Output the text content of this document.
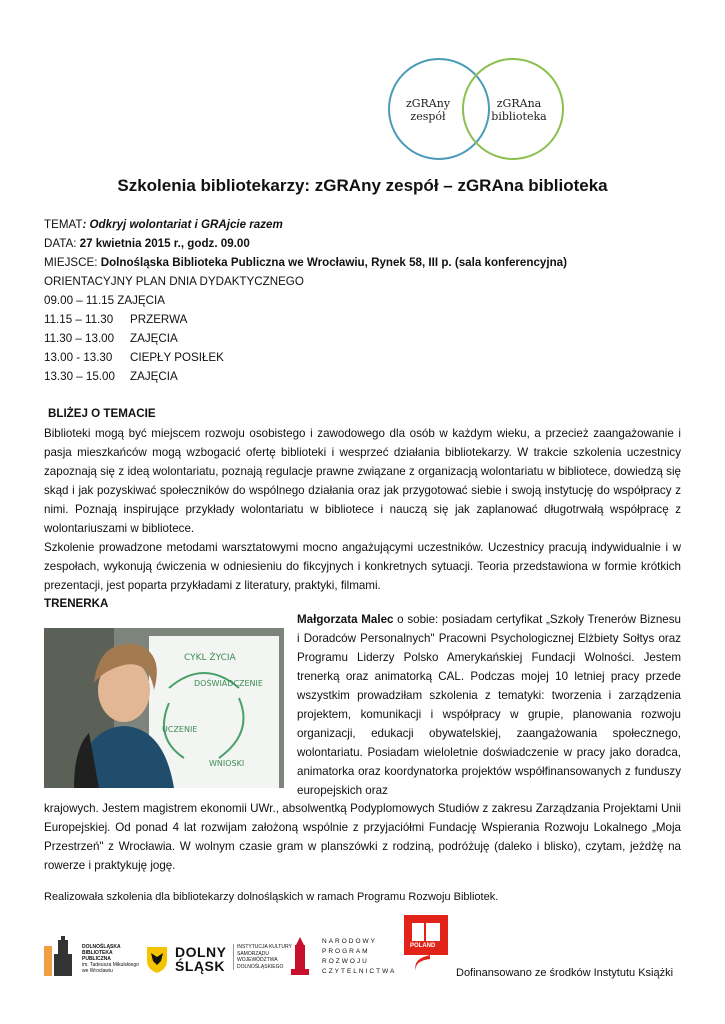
zGRAny
zespół
zGRAna
biblioteka
Szkolenia bibliotekarzy: zGRAny zespół – zGRAna biblioteka
TEMAT: Odkryj wolontariat i GRAjcie razem
DATA: 27 kwietnia 2015 r., godz. 09.00
MIEJSCE: Dolnośląska Biblioteka Publiczna we Wrocławiu, Rynek 58, III p. (sala konferencyjna)
ORIENTACYJNY PLAN DNIA DYDAKTYCZNEGO
09.00 – 11.15 ZAJĘCIA
11.15 – 11.30 PRZERWA
11.30 – 13.00 ZAJĘCIA
13.00 - 13.30 CIEPŁY POSIŁEK
13.30 – 15.00 ZAJĘCIA
BLIŻEJ O TEMACIE
Biblioteki mogą być miejscem rozwoju osobistego i zawodowego dla osób w każdym wieku, a przecież zaangażowanie i pasja mieszkańców mogą wzbogacić ofertę biblioteki i wesprzeć działania bibliotekarzy. W trakcie szkolenia uczestnicy zapoznają się z ideą wolontariatu, poznają regulacje prawne związane z organizacją wolontariatu w bibliotece, dowiedzą się skąd i jak pozyskiwać społeczników do wspólnego działania oraz jak przygotować siebie i swoją instytucję do współpracy z nimi. Poznają inspirujące przykłady wolontariatu w bibliotece i nauczą się jak zaplanować długotrwałą współpracę z wolontariuszami w bibliotece.
Szkolenie prowadzone metodami warsztatowymi mocno angażującymi uczestników. Uczestnicy pracują indywidualnie i w zespołach, wykonują ćwiczenia w odniesieniu do fikcyjnych i konkretnych sytuacji. Teoria przedstawiona w formie krótkich prezentacji, jest poparta przykładami z literatury, praktyki, filmami.
TRENERKA
CYKL ŻYCIA
DOŚWIADCZENIE
UCZENIE
WNIOSKI
Małgorzata Malec o sobie: posiadam certyfikat „Szkoły Trenerów Biznesu i Doradców Personalnych" Pracowni Psychologicznej Elżbiety Sołtys oraz Programu Liderzy Polsko Amerykańskiej Fundacji Wolności. Jestem trenerką oraz animatorką CAL. Podczas mojej 10 letniej pracy przede wszystkim prowadziłam szkolenia z tematyki: tworzenia i zarządzenia projektem, komunikacji i współpracy w grupie, planowania rozwoju organizacji, edukacji obywatelskiej, zaangażowania społecznego, wolontariatu. Posiadam wieloletnie doświadczenie w pracy jako doradca, animatorka oraz koordynatorka projektów współfinansowanych z funduszy europejskich oraz
krajowych. Jestem magistrem ekonomii UWr., absolwentką Podyplomowych Studiów z zakresu Zarządzania Projektami Unii Europejskiej. Od ponad 4 lat rozwijam założoną wspólnie z przyjaciółmi Fundację Wspierania Rozwoju Lokalnego „Moja Przestrzeń" z Wrocławia. W wolnym czasie gram w planszówki z rodziną, podróżuję (daleko i blisko), czytam, jeżdżę na rowerze i praktykuję jogę.
Realizowała szkolenia dla bibliotekarzy dolnośląskich w ramach Programu Rozwoju Bibliotek.
DOLNOŚLĄSKA
BIBLIOTEKA PUBLICZNA
im. Tadeusza Mikulskiego
we Wrocławiu
DOLNY
ŚLĄSK
INSTYTUCJA KULTURY
SAMORZĄDU
WOJEWÓDZTWA
DOLNOŚLĄSKIEGO
NARODOWY
PROGRAM
ROZWOJU
CZYTELNICTWA
POLAND
Dofinansowano ze środków Instytutu Książki
